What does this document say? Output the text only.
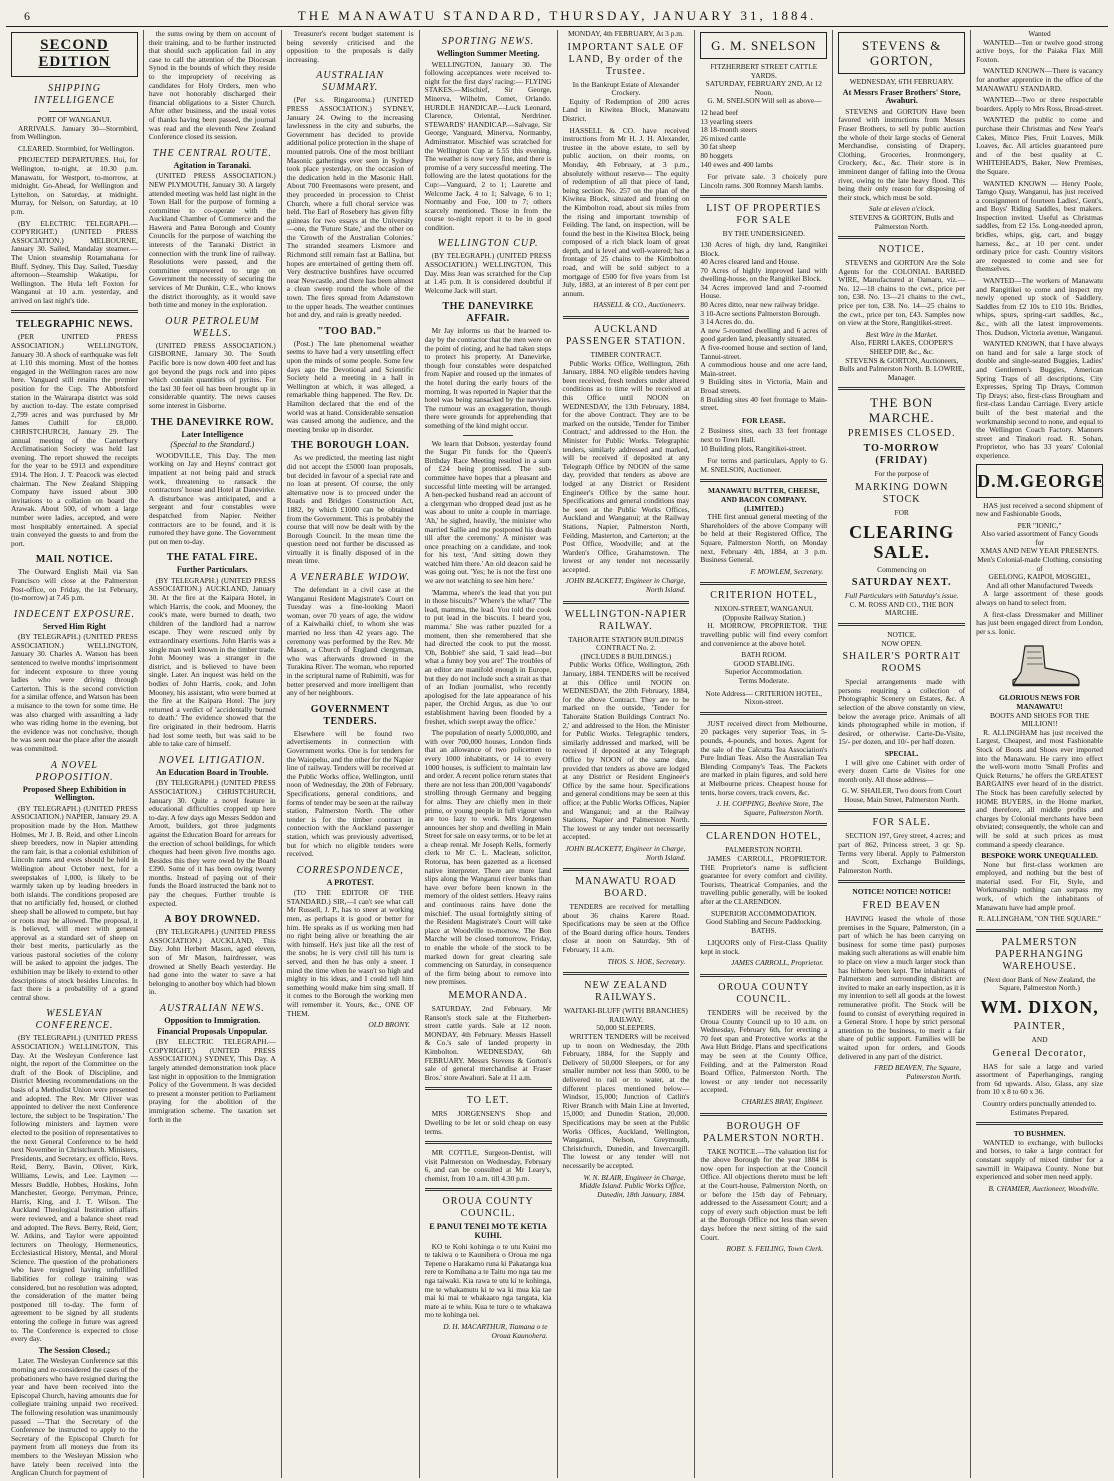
6	THE MANAWATU STANDARD, THURSDAY, JANUARY 31, 1884.
SECOND EDITION
SHIPPING INTELLIGENCE
PORT OF WANGANUI.

ARRIVALS. January 30—Stormbird, from Wellington.

CLEARED. Stormbird, for Wellington.

PROJECTED DEPARTURES. Hui, for Wellington, to-night, at 10.30 p.m. Manawatu, for Westport, to-morrow, at midnight. Go-Ahead, for Wellington and Lyttelton, on Saturday, at midnight. Murray, for Nelson, on Saturday, at 10 p.m.

(BY ELECTRIC TELEGRAPH.—COPYRIGHT.) (UNITED PRESS ASSOCIATION.) MELBOURNE, January 30. Sailed, Mandalay steamer.—The Union steamship Rotamahana for Bluff. Sydney, This Day. Sailed, Tuesday afternoon—Steamship Wakatipu, for Wellington. The Hula left Foxton for Wanganui at 10 a.m. yesterday, and arrived on last night's tide.

TELEGRAPHIC NEWS.

(PER UNITED PRESS ASSOCIATION.) WELLINGTON, January 30. A shock of earthquake was felt at 1.10 this morning. Most of the homes engaged in the Wellington races are now here. Vanguard still retains the premier position for the Cup. The Abbotsford station in the Wairarapa district was sold by auction to-day. The estate comprised 2,799 acres and was purchased by Mr James Cuthill for £8,000. CHRISTCHURCH, January 29. The annual meeting of the Canterbury Acclimatisation Society was held last evening. The report showed the receipts for the year to be £913 and expenditure £914. The Hon. J. T. Peacock was elected chairman. The New Zealand Shipping Company have issued about 300 invitations to a collation on board the Arawak. About 500, of whom a large number were ladies, accepted, and were most hospitably entertained. A special train conveyed the guests to and from the port.

MAIL NOTICE.

The Outward English Mail via San Francisco will close at the Palmerston Post-office, on Friday, the 1st February, (to-morrow) at 7.45 p.m.

INDECENT EXPOSURE.
Served Him Right

(BY TELEGRAPH.) (UNITED PRESS ASSOCIATION.) WELLINGTON, January 30. Charles A. Watson has been sentenced to twelve months' imprisonment for indecent exposure to three young ladies who were driving through Carterton. This is the second conviction for a similar offence, and Watson has been a nuisance to the town for some time. He was also charged with assaulting a lady who was riding home in the evening, but the evidence was not conclusive, though he was seen near the place after the assault was committed.

A NOVEL PROPOSITION.
Proposed Sheep Exhibition in Wellington.

(BY TELEGRAPH.) (UNITED PRESS ASSOCIATION.) NAPIER, January 29. A proposition made by the Hon. Matthew Holmes, Mr J. B. Reid, and other Lincoln sheep breeders, now in Napier attending the ram fair, is that a colonial exhibition of Lincoln rams and ewes should be held in Wellington about October next, for a sweepstakes of 1,000, is likely to be warmly taken up by leading breeders in both islands. The conditions proposed are that no artificially fed, housed, or clothed sheep shall be allowed to compete, but hay or roots may be allowed. The proposal, it is believed, will meet with general approval as a standard set of sheep on their best merits, particularly as the various pastoral societies of the colony will be asked to appoint the judges. The exhibition may be likely to extend to other descriptions of stock besides Lincolns. In fact there is a probability of a grand central show.

WESLEYAN CONFERENCE.

(BY TELEGRAPH.) (UNITED PRESS ASSOCIATION.) WELLINGTON, This Day. At the Wesleyan Conference last night, the report of the Committee on the draft of the Book of Discipline, and District Meeting recommendations on the basis of a Methodist Union were presented and adopted. The Rev. Mr Oliver was appointed to deliver the next Conference lecture, the subject to be 'Inspiration.' The following ministers and laymen were elected to the position of representatives to the next General Conference to be held next November in Christchurch. Ministers, Presidents, and Secretary, ex officio, Revs. Reid, Berry, Bavin, Oliver, Kirk, Williams, Lewis, and Lee. Laymen —Messrs Buddle, Hobbes, Hoskins, John Manchester, George, Perryman, Prince, Harris, King, and J. T. Wilson. The Auckland Theological Institution affairs were reviewed, and a balance sheet read and adopted. The Revs. Berry, Reid, Gerr, W. Atkins, and Taylor were appointed lecturers on Theology, Hermeneutics, Ecclesiastical History, Mental, and Moral Science. The question of the probationers who have resigned having unfulfilled liabilities for college training was considered, but no resolution was adopted, the consideration of the matter being postponed till to-day. The form of agreement to be signed by all students entering the college in future was agreed to. The Conference is expected to close every day.

The Session Closed.;

Later. The Wesleyan Conference sat this morning and re-considered the cases of the probationers who have resigned during the year and have been received into the Episcopal Church, having amounts due for collegiate training unpaid two received. The following resolution was unanimously passed —'That the Secretary of the Conference be instructed to apply to the Secretary of the Episcopal Church for payment from all moneys due from its members to the Wesleyan Mission who have lately been received into the Anglican Church for payment of

the sums owing by them on account of their training, and to be further instructed that should such application fail in any case to call the attention of the Diocesan Synod in the bounds of which they reside to the impropriety of receiving as candidates for Holy Orders, men who have not honorably discharged their financial obligations to a Sister Church. After other business, and the usual votes of thanks having been passed, the journal was read and the eleventh New Zealand Conference closed its session.

THE CENTRAL ROUTE.
Agitation in Taranaki.

(UNITED PRESS ASSOCIATION.) NEW PLYMOUTH, January 30. A largely attended meeting was held last night in the Town Hall for the purpose of forming a committee to co-operate with the Auckland Chamber of Commerce and the Hawera and Patea Borough and County Councils for the purpose of watching the interests of the Taranaki District in connection with the trunk line of railway. Resolutions were passed, and the committee empowered to urge on Government the necessity of securing the services of Mr Dunkin, C.E., who knows the district thoroughly, as it would save both time and money in the exploration.

OUR PETROLEUM WELLS.

(UNITED PRESS ASSOCIATION.) GISBORNE, January 30. The South Pacific bore is now down 400 feet and has got beyond the pugs rock and into pipes which contain quantities of pyrites. For the last 30 feet oil has been brought up in considerable quantity. The news causes some interest in Gisborne.

THE DANEVIRKE ROW.
Later Intelligence
(Special to the Standard.)

WOODVILLE, This Day. The men working on Jay and Heyns' contract got impatient at not being paid and struck work, threatening to ransack the contractors' house and Hotel at Danevirke. A disturbance was anticipated, and a sergeant and four constables were despatched from Napier. Neither contractors are to be found, and it is rumored they have gone. The Government put on men to-day.

THE FATAL FIRE.
Further Particulars.

(BY TELEGRAPH.) (UNITED PRESS ASSOCIATION.) AUCKLAND, January 30. At the fire at the Kaipara Hotel, in which Harris, the cook, and Mooney, the cook's mate, were burned to death, two children of the landlord had a narrow escape. They were rescued only by extraordinary exertions. John Harris was a single man well known in the timber trade. John Mooney was a stranger in the district, and is believed to have been single. Later. An inquest was held on the bodies of John Harris, cook, and John Mooney, his assistant, who were burned at the fire at the Kaipara Hotel. The jury returned a verdict of 'accidentally burned to death.' The evidence showed that the fire originated in their bedroom. Harris had lost some teeth, but was said to be able to take care of himself.

NOVEL LITIGATION.
An Education Board in Trouble.

(BY TELEGRAPH.) (UNITED PRESS ASSOCIATION.) CHRISTCHURCH, January 30. Quite a novel feature in educational difficulties cropped up here to-day. A few days ago Messrs Seddon and Arnott, builders, got three judgments against the Education Board for arrears for the erection of school buildings, for which cheques had been given five months ago. Besides this they were owed by the Board £390. Some of it has been owing twenty months. Instead of paying out of their funds the Board instructed the bank not to pay the cheques. Further trouble is expected.

A BOY DROWNED.

(BY TELEGRAPH.) (UNITED PRESS ASSOCIATION.) AUCKLAND, This Day. John Herbert Mason, aged eleven, son of Mr Mason, hairdresser, was drowned at Shelly Beach yesterday. He had gone into the water to save a hat belonging to another boy which had blown in.

AUSTRALIAN NEWS.
Opposition to Immigration.
Financial Proposals Unpopular.

(BY ELECTRIC TELEGRAPH.—COPYRIGHT.) (UNITED PRESS ASSOCIATION.) SYDNEY, This Day. A largely attended demonstration took place last night in opposition to the Immigration Policy of the Government. It was decided to present a monster petition to Parliament praying for the abolition of the immigration scheme. The taxation set forth in the

Treasurer's recent budget statement is being severely criticised and the opposition to the proposals is daily increasing.

AUSTRALIAN SUMMARY.

(Per s.s. Ringarooma.) (UNITED PRESS ASSOCIATION.) SYDNEY, January 24. Owing to the increasing lawlessness in the city and suburbs, the Government has decided to provide additional police protection in the shape of mounted patrols. One of the most brilliant Masonic gatherings ever seen in Sydney took place yesterday, on the occasion of the dedication held in the Masonic Hall. About 700 Freemasons were present, and they proceeded in procession to Christ Church, where a full choral service was held. The Earl of Rosebery has given fifty guineas for two essays at the University —one, the 'Future State,' and the other on the 'Growth of the Australian Colonies.' The stranded steamers Lismore and Richmond still remain fast at Ballina, but hopes are entertained of getting them off. Very destructive bushfires have occurred near Newcastle, and there has been almost a clean sweep round the whole of the town. The fires spread from Adamstown to the upper heads. The weather continues hot and dry, and rain is greatly needed.

"TOO BAD."

(Post.) The late phenomenal weather seems to have had a very unsettling effect upon the minds of some people. Some few days ago the Devotional and Scientific Society held a meeting in a hall in Wellington at which, it was alleged, a remarkable thing happened. The Rev. Dr. Hamilton declared that the end of the world was at hand. Considerable sensation was caused among the audience, and the meeting broke up in disorder.

THE BOROUGH LOAN.

As we predicted, the meeting last night did not accept the £5000 loan proposals, but decided in favour of a special rate and no loan at present. Of course, the only alternative now is to proceed under the Roads and Bridges Construction Act, 1882, by which £1000 can be obtained from the Government. This is probably the course that will now be dealt with by the Borough Council. In the mean time the question need not further be discussed as virtually it is finally disposed of in the mean time.

A VENERABLE WIDOW.

The defendant in a civil case at the Wanganui Resident Magistrate's Court on Tuesday was a fine-looking Maori woman, over 70 years of age, the widow of a Kaiwhaiki chief, to whom she was married no less than 42 years ago. The ceremony was performed by the Rev. Mr Mason, a Church of England clergyman, who was afterwards drowned in the Turakina River. The woman, who reported in the scriptural name of Ruhimiti, was for better preserved and more intelligent than any of her neighbours.

GOVERNMENT TENDERS.

Elsewhere will be found two advertisements in connection with Government works. One is for tenders for the Waiopehu, and the other for the Napier line of railway. Tenders will be received at the Public Works office, Wellington, until noon of Wednesday, the 20th of February. Specifications, general conditions, and forms of tender may be seen at the railway station, Palmerston North. The other tender is for the timber contract in connection with the Auckland passenger station, which was previously advertised, but for which no eligible tenders were received.

CORRESPONDENCE,
A PROTEST.

(TO THE EDITOR OF THE STANDARD.) SIR,—I can't see what call Mr Russell, J. P., has to sneer at working men, as perhaps it is good or better for him. He speaks as if us working men had no right being alive or breathing the air with himself. He's just like all the rest of the snobs; he is very civil till his turn is served, and then he has only a sneer. I mind the time when he wasn't so high and mighty in his ideas, and I could tell him something would make him sing small. If it comes to the Borough the working men will remember it. Yours, &c., ONE OF THEM.

OLD BRONY.
SPORTING NEWS.
Wellington Summer Meeting.

WELLINGTON, January 30. The following acceptances were received to-night for the first days' racing:— FLYING STAKES.—Mischief, Sir George, Minerva, Wilhelm, Comet, Orlando. HURDLE HANDICAP.—Luck Leonard, Clarence, Oriental, Nerdriner. STEWARDS' HANDICAP.—Salvage, Sir George, Vanguard, Minerva, Normanby, Adminstrator. Mischief was scratched for the Wellington Cup at 5.55 this evening. The weather is now very fine, and there is promise of a very successful meeting. The following are the latest quotations for the Cup:—Vanguard, 2 to 1; Laurette and Welcome Jack, 4 to 1; Salvage, 6 to 1; Normanby and Foe, 100 to 7; others scarcely mentioned. Those in from the course to-night report it to be in good condition.

WELLINGTON CUP.

(BY TELEGRAPH.) (UNITED PRESS ASSOCIATION.) WELLINGTON, This Day. Miss Jean was scratched for the Cup at 1.45 p.m. It is considered doubtful if Welcome Jack will start.

THE DANEVIRKE AFFAIR.

Mr Jay informs us that he learned to-day by the contractor that the men were on the point of rioting, and he had taken steps to protect his property. At Danevirke, though four constables were despatched from Napier and roused up the inmates of the hotel during the early hours of the morning. It was reported in Napier that the hotel was being ransacked by the navvies. The rumour was an exaggeration, though there were grounds for apprehending that something of the kind might occur.

We learn that Dobson, yesterday found the Sugar Pit funds for the Queen's Birthday Race Meeting resulted in a sum of £24 being promised. The sub-committee have hopes that a pleasant and successful little meeting will be arranged. A hen-pecked husband read an account of a clergyman who dropped dead just as he was about to unite a couple in marriage. 'Ah,' he sighed, heavily, 'the minister who married Sallie and me postponed his death till after the ceremony.' A minister was once preaching on a candidate, and took for his text, 'And sitting down they watched him there.' An old deacon said he was going out. 'Yes; he is not the first one we are not watching to see him here.'

'Mamma, where's the lead that you put in those biscuits?' 'Where's the what?' 'The lead, mamma, the lead. You told the cook to put lead in the biscuits. I heard you, mamma.' She was rather puzzled for a moment, then she remembered that she had directed the cook to put the mosst. 'Oh, Bobbie!' she said, 'I said lead—but what a funny boy you are!' The troubles of an editor are manifold enough in Europe, but they do not include such a strait as that of an Indian journalist, who recently apologised for the late appearance of his paper, the Orchid Argus, as due 'to our establishment having been flooded by a freshet, which swept away the office.'

The population of nearly 5,000,000, and with over 700,000 houses, London finds that an allowance of two policemen to every 1000 inhabitants, or 14 to every 1000 houses, is sufficient to maintain law and order. A recent police return states that there are not less than 200,000 'vagabonds' strolling through Germany and begging for alms. They are chiefly men in their prime, or young people in full vigour who are too lazy to work. Mrs Jorgensen announces her shop and dwelling in Main Street for sale on easy terms, or to be let at a cheap rental. Mr Joseph Kells, formerly clerk to Mr C. L. Maclean, solicitor, Rotorua, has been gazetted as a licensed native interpreter. There are more land slips along the Wanganui river banks than have ever before been known in the memory of the oldest settlers. Heavy rains and continuous rains have done the mischief. The usual fortnightly sitting of the Resident Magistrate's Court will take place at Woodville to-morrow. The Bon Marche will be closed tomorrow, Friday, to enable the whole of the stock to be marked down for great clearing sale commencing on Saturday, in consequence of the firm being about to remove into new premises.

MEMORANDA.

SATURDAY, 2nd February. Mr Ranson's stock sale at the Fitzherbert-street cattle yards. Sale at 12 noon. MONDAY, 4th February. Messrs Hassell & Co.'s sale of landed property in Kimbolton. WEDNESDAY, 6th FEBRUARY. Messrs Stevens & Gorton's sale of general merchandise at Fraser Bros.' store Awahuri. Sale at 11 a.m.

TO LET.

MRS JORGENSEN'S Shop and Dwelling to be let or sold cheap on easy terms.

MR COTTLE, Surgeon-Dentist, will visit Palmerston on Wednesday, February 6, and can be consulted at Mr Leary's, chemist, from 10 a.m. till 4.30 p.m.

OROUA COUNTY COUNCIL.
E PANUI TENEI MO TE KETIA KUIHI.

KO te Kohi kohinga o te utu Kuini mo te takiwa o te Kaunihera o Oroua me nga Tepene o Harakamo runa ki Pakatanga kua rere te Komihana a te Taitu mo nga tau me nga taiwaki. Kia rawa te utu ki te kohinga, me te whakamutu ki te wa ki mua kia tae mai ki mai te whakaaro nga tangata, kia mate ai te whiu. Kua te ture o te whakawa mo te kohinga nei.

D. H. MACARTHUR, Tiamana o te Oroua Kaunohera.
MONDAY, 4th FEBRUARY, At 3 p.m.
IMPORTANT SALE OF LAND, By order of the Trustee.
In the Bankrupt Estate of Alexander Crockery.

Equity of Redemption of 200 acres Land in Kiwitea Block, Manawatu District.

HASSELL & CO. have received instructions from Mr H. J. H. Alexander, trustee in the above estate, to sell by public auction, on their rooms, on Monday, 4th February, at 3 p.m., absolutely without reserve— The equity of redemption of all that piece of land, being section No. 257 on the plan of the Kiwitea Block, situated and fronting on the Kimbolton road, about six miles from the rising and important township of Feilding. The land, on inspection, will be found the best in the Kiwitea Block, being composed of a rich black loam of great depth, and is level and well-watered; has a frontage of 25 chains to the Kimbolton road, and will be sold subject to a mortgage of £500 for five years from 1st July, 1883, at an interest of 8 per cent per annum.

HASSELL & CO., Auctioneers.
AUCKLAND PASSENGER STATION.
TIMBER CONTRACT.

Public Works Office, Wellington, 26th January, 1884. NO eligible tenders having been received, fresh tenders under altered conditions as to time will be received at this Office until NOON on WEDNESDAY, the 13th February, 1884, for the above Contract. They are to be marked on the outside, 'Tender for Timber Contract,' and addressed to the Hon. the Minister for Public Works. Telegraphic tenders, similarly addressed and marked, will be received if deposited at any Telegraph Office by NOON of the same day, provided that tenders as above are lodged at any District or Resident Engineer's Office by the same hour. Specifications and general conditions may be seen at the Public Works Offices, Auckland and Wanganui; at the Railway Stations, Napier, Palmerston North, Feilding, Masterton, and Carterton; at the Post Office, Woodville; and at the Warden's Office, Grahamstown. The lowest or any tender not necessarily accepted.

JOHN BLACKETT, Engineer in Charge, North Island.
WELLINGTON-NAPIER RAILWAY.
TAHORAITE STATION BUILDINGS CONTRACT No. 2.
(INCLUDES 8 BUILDINGS.)

Public Works Office, Wellington, 26th January, 1884. TENDERS will be received at this Office until NOON on WEDNESDAY, the 20th February, 1884, for the above Contract. They are to be marked on the outside, 'Tender for Tahoraite Station Buildings Contract No. 2,' and addressed to the Hon. the Minister for Public Works. Telegraphic tenders, similarly addressed and marked, will be received if deposited at any Telegraph Office by NOON of the same date, provided that tenders as above are lodged at any District or Resident Engineer's Office by the same hour. Specifications and general conditions may be seen at this office; at the Public Works Offices, Napier and Wanganui; and at the Railway Stations, Napier and Palmerston North. The lowest or any tender not necessarily accepted.

JOHN BLACKETT, Engineer in Charge, North Island.
MANAWATU ROAD BOARD.

TENDERS are received for metalling about 36 chains Karere Road. Specifications may be seen at the Office of the Board during office hours. Tenders close at noon on Saturday, 9th of February, 11 a.m.

THOS. S. HOE, Secretary.
NEW ZEALAND RAILWAYS.
WAITAKI-BLUFF (WITH BRANCHES) RAILWAY.
50,000 SLEEPERS.

WRITTEN TENDERS will be received up to noon on Wednesday, the 20th February, 1884, for the Supply and Delivery of 50,000 Sleepers, or for any smaller number not less than 5000, to be delivered to rail or to water, at the different places mentioned below—Windsor, 15,000; Junction of Catlin's River Branch with Main Line at Inverted, 15,000; and Dunedin Station, 20,000. Specifications may be seen at the Public Works Offices, Auckland, Wellington, Wanganui, Nelson, Greymouth, Christchurch, Dunedin, and Invercargill. The lowest or any tender will not necessarily be accepted.

W. N. BLAIR, Engineer in Charge, Middle Island. Public Works Office, Dunedin, 18th January, 1884.
G. M. SNELSON
FITZHERBERT STREET CATTLE YARDS.
SATURDAY, FEBRUARY 2ND, At 12 Noon.

G. M. SNELSON Will sell as above—

12 head beef
13 yearling steers
18 18-month steers
26 mixed cattle
30 fat sheep
80 hoggets
140 ewes and 400 lambs

For private sale. 3 choicely pure Lincoln rams. 300 Romney Marsh lambs.

LIST OF PROPERTIES FOR SALE
BY THE UNDERSIGNED.
130 Acres of high, dry land, Rangitikei Block.
40 Acres cleared land and House.
70 Acres of highly improved land with dwelling-house, on the Rangitikei Block.
34 Acres improved land and 7-roomed House.
80 Acres ditto, near new railway bridge.
3 10-Acre sections Palmerston Borough.
3 14 Acres do. do.
A new 5-roomed dwelling and 6 acres of good garden land, pleasantly situated.
A five-roomed house and section of land, Tannui-street.
A commodious house and one acre land, Main-street.
9 Building sites in Victoria, Main and Broad streets.
8 Building sites 40 feet frontage to Main-street.
FOR LEASE.
2 Business sites, each 33 feet frontage next to Town Hall.
10 Building plots, Rangitikei-street.

For terms and particulars, Apply to G. M. SNELSON, Auctioneer.

MANAWATU BUTTER, CHEESE, AND BACON COMPANY. (LIMITED.)

THE first annual general meeting of the Shareholders of the above Company will be held at their Registered Office, The Square, Palmerston North, on Monday next, February 4th, 1884, at 3 p.m. Business General.

F. MOWLEM, Secretary.
CRITERION HOTEL,
NIXON-STREET, WANGANUI. (Opposite Railway Station.)

H. MORROW, PROPRIETOR. THE travelling public will find every comfort and convenience at the above hotel.

BATH ROOM.
GOOD STABLING.
Superior Accommodation.
Terms Moderate.
Note Address— CRITERION HOTEL, Nixon-street.

JUST received direct from Melbourne, 20 packages very superior Teas, in 5-pounds, 4-pounds, and boxes. Agent for the sale of the Calcutta Tea Association's Pure Indian Teas. Also the Australian Tea Blending Company's Teas. The Packets are marked in plain figures, and sold here at Melbourne prices. Cheapest house for tents, horse covers, track covers, &c.

J. H. COPPING, Beehive Store, The Square, Palmerston North.
CLARENDON HOTEL,
PALMERSTON NORTH.

JAMES CARROLL, PROPRIETOR. THE Proprietor's name is sufficient guarantee for every comfort and civility. Tourists, Theatrical Companies, and the travelling public generally, will be looked after at the CLARENDON.

SUPERIOR ACCOMMODATION.
Good Stabling and Secure Paddocking.
BATHS.

LIQUORS only of First-Class Quality kept in stock.

JAMES CARROLL, Proprietor.
OROUA COUNTY COUNCIL.

TENDERS will be received by the Oroua County Council up to 10 a.m. on Wednesday, February 6th, for erecting a 70 feet span and Protective works at the Awa Hutt Bridge. Plans and specifications may be seen at the County Office, Feilding, and at the Palmerston Road Board Office, Palmerston North. The lowest or any tender not necessarily accepted.

CHARLES BRAY, Engineer.
BOROUGH OF PALMERSTON NORTH.

TAKE NOTICE.—The valuation list for the above Borough for the year 1884 is now open for inspection at the Council Office. All objections thereto must be left at the Court-house, Palmerston North, on or before the 15th day of February, addressed to the Assessment Court; and a copy of every such objection must be left at the Borough Office not less than seven days before the next sitting of the said Court.

ROBT. S. FEILING, Town Clerk.
STEVENS & GORTON,
WEDNESDAY, 6TH FEBRUARY.
At Messrs Fraser Brothers' Store, Awahuri.

STEVENS and GORTON Have been favored with instructions from Messrs Fraser Brothers, to sell by public auction the whole of their large stocks of General Merchandise, consisting of Drapery, Clothing, Groceries, Ironmongery, Crockery, &c., &c. Their store is in imminent danger of falling into the Oroua river, owing to the late heavy flood. This being their only reason for disposing of their stock, which must be sold.

Sale at eleven o'clock.
STEVENS & GORTON, Bulls and Palmerston North.
NOTICE.

STEVENS and GORTON Are the Sole Agents for the COLONIAL BARBED WIRE, Manufactured at Oamaru, viz.— No. 12—18 chains to the cwt., price per ton, £38. No. 13—21 chains to the cwt., price per ton, £38. No. 14—25 chains to the cwt., price per ton, £43. Samples now on view at the Store, Rangitikei-street.

Best Wire in the Market.
Also, FERRI LAKES, COOPER'S SHEEP DIP, &c., &c.
STEVENS & GORTON, Auctioneers, Bulls and Palmerston North. B. LOWRIE, Manager.
THE BON MARCHE.
PREMISES CLOSED.
TO-MORROW (FRIDAY)
For the purpose of
MARKING DOWN STOCK
FOR
CLEARING SALE.
Commencing on
SATURDAY NEXT.
Full Particulars with Saturday's issue.
C. M. ROSS AND CO., THE BON MARCHE.
NOTICE.
NOW OPEN.
SHAILER'S PORTRAIT ROOMS

Special arrangements made with persons requiring a collection of Photographic Scenery on Estates, &c. A selection of the above constantly on view, below the average price. Animals of all kinds photographed while in motion, if desired, or otherwise. Carte-De-Visite, 15/- per dozen, and 10/- per half dozen.

SPECIAL.

I will give one Cabinet with order of every dozen Carte de Visites for one month only. All those address—

G. W. SHAILER, Two doors from Court House, Main Street, Palmerston North.
FOR SALE.

SECTION 197, Grey street, 4 acres; and part of 862, Princess street, 3 qr. Sp. Terms very liberal. Apply to Palmerston and Scott, Exchange Buildings, Palmerston North.

NOTICE! NOTICE! NOTICE!
FRED BEAVEN

HAVING leased the whole of those premises in the Square, Palmerston, (in a part of which he has been carrying on business for some time past) purposes making such alterations as will enable him to place on view a much larger stock than has hitherto been kept. The inhabitants of Palmerston and surrounding district are invited to make an early inspection, as it is my intention to sell all goods at the lowest remunerative profit. The Stock will be found to consist of everything required in a General Store. I hope by strict personal attention to the business, to merit a fair share of public support. Families will be waited upon for orders, and Goods delivered in any part of the district.

FRED BEAVEN, The Square, Palmerston North.
Wanted

WANTED—Ten or twelve good strong active boys, for the Paiaka Flax Mill Foxton.

WANTED KNOWN—There is vacancy for another apprentice in the office of the MANAWATU STANDARD.

WANTED—Two or three respectable boarders. Apply to Mrs Ross, Broad-street.

WANTED the public to come and purchase their Christmas and New Year's Cakes, Mince Pies, Fruit Loaves, Milk Loaves, &c. All articles guaranteed pure and of the best quality at C. WHITEHEAD'S, Baker, New Premises, the Square.

WANTED KNOWN — Henry Poole, Tamgo Quay, Wanganui, has just received a consignment of fourteen Ladies', Gent's, and Boys' Riding Saddles, best makers. Inspection invited. Useful as Christmas saddles, from £2 15s. Long-needed apron, bridles, whips, gig, cart, and buggy harness, &c., at 10 per cent. under ordinary price for cash. Country visitors are requested to come and see for themselves.

WANTED—The workers of Manawatu and Rangitikei to come and inspect my newly opened up stock of Saddlery. Saddles from £2 10s to £10 10s. Bridles, whips, spurs, spring-cart saddles, &c., &c., with all the latest improvements. Thos. Dudson, Victoria avenue, Wanganui.

WANTED KNOWN, that I have always on hand and for sale a large stock of double and single-seated Buggies, Ladies' and Gentlemen's Buggies, American Spring Traps of all descriptions, City Expresses, Spring Tip Drays, Common Tip Drays; also, first-class Brougham and first-class Landau Carriage. Every article built of the best material and the workmanship second to none, and equal to the Wellington Coach Factory. Manners street and Tinakori road. R. Sohan, Proprietor, who has 33 years' Colonial experience.

D.M.GEORGE

HAS just received a second shipment of new and Fashionable Goods,

PER "IONIC,"
Also varied assortment of Fancy Goods for
XMAS AND NEW YEAR PRESENTS.
Men's Colonial-made Clothing, consisting of
GEELONG, KAIPOI, MOSGIEL,
And all other Manufactured Tweeds

A large assortment of these goods always on hand to select from.

A first-class Dressmaker and Milliner has just been engaged direct from London, per s.s. Ionic.

GLORIOUS NEWS FOR MANAWATU!
BOOTS AND SHOES FOR THE MILLION!!

R. ALLINGHAM has just received the Largest, Cheapest, and most Fashionable Stock of Boots and Shoes ever imported into the Manawatu. He carry into effect the well-worn motto 'Small Profits and Quick Returns,' he offers the GREATEST BARGAINS ever heard of in the district. The Stock has been carefully selected by HOME BUYERS, in the Home market, and therefore, all middle profits and charges by Colonial merchants have been obviated; consequently, the whole can and will be sold at such prices as must command a speedy clearance.

BESPOKE WORK UNEQUALLED.

None but first-class workmen are employed, and nothing but the best of material used. For Fit, Style, and Workmanship nothing can surpass my work, of which the inhabitants of Manawatu have had ample proof.

R. ALLINGHAM, "ON THE SQUARE."
PALMERSTON PAPERHANGING WAREHOUSE.
(Next door Bank of New Zealand, the Square, Palmerston North.)
WM. DIXON,
PAINTER,
AND
General Decorator,

HAS for sale a large and varied assortment of Paperhangings, ranging from 6d upwards. Also, Glass, any size from 10 x 8 to 60 x 36.

Country orders punctually attended to.
Estimates Prepared.
TO BUSHMEN.

WANTED to exchange, with bullocks and horses, to take a large contract for constant supply of mixed timber for a sawmill in Waipawa County. None but experienced and sober men need apply.

B. CHAMIER, Auctioneer, Woodville.
